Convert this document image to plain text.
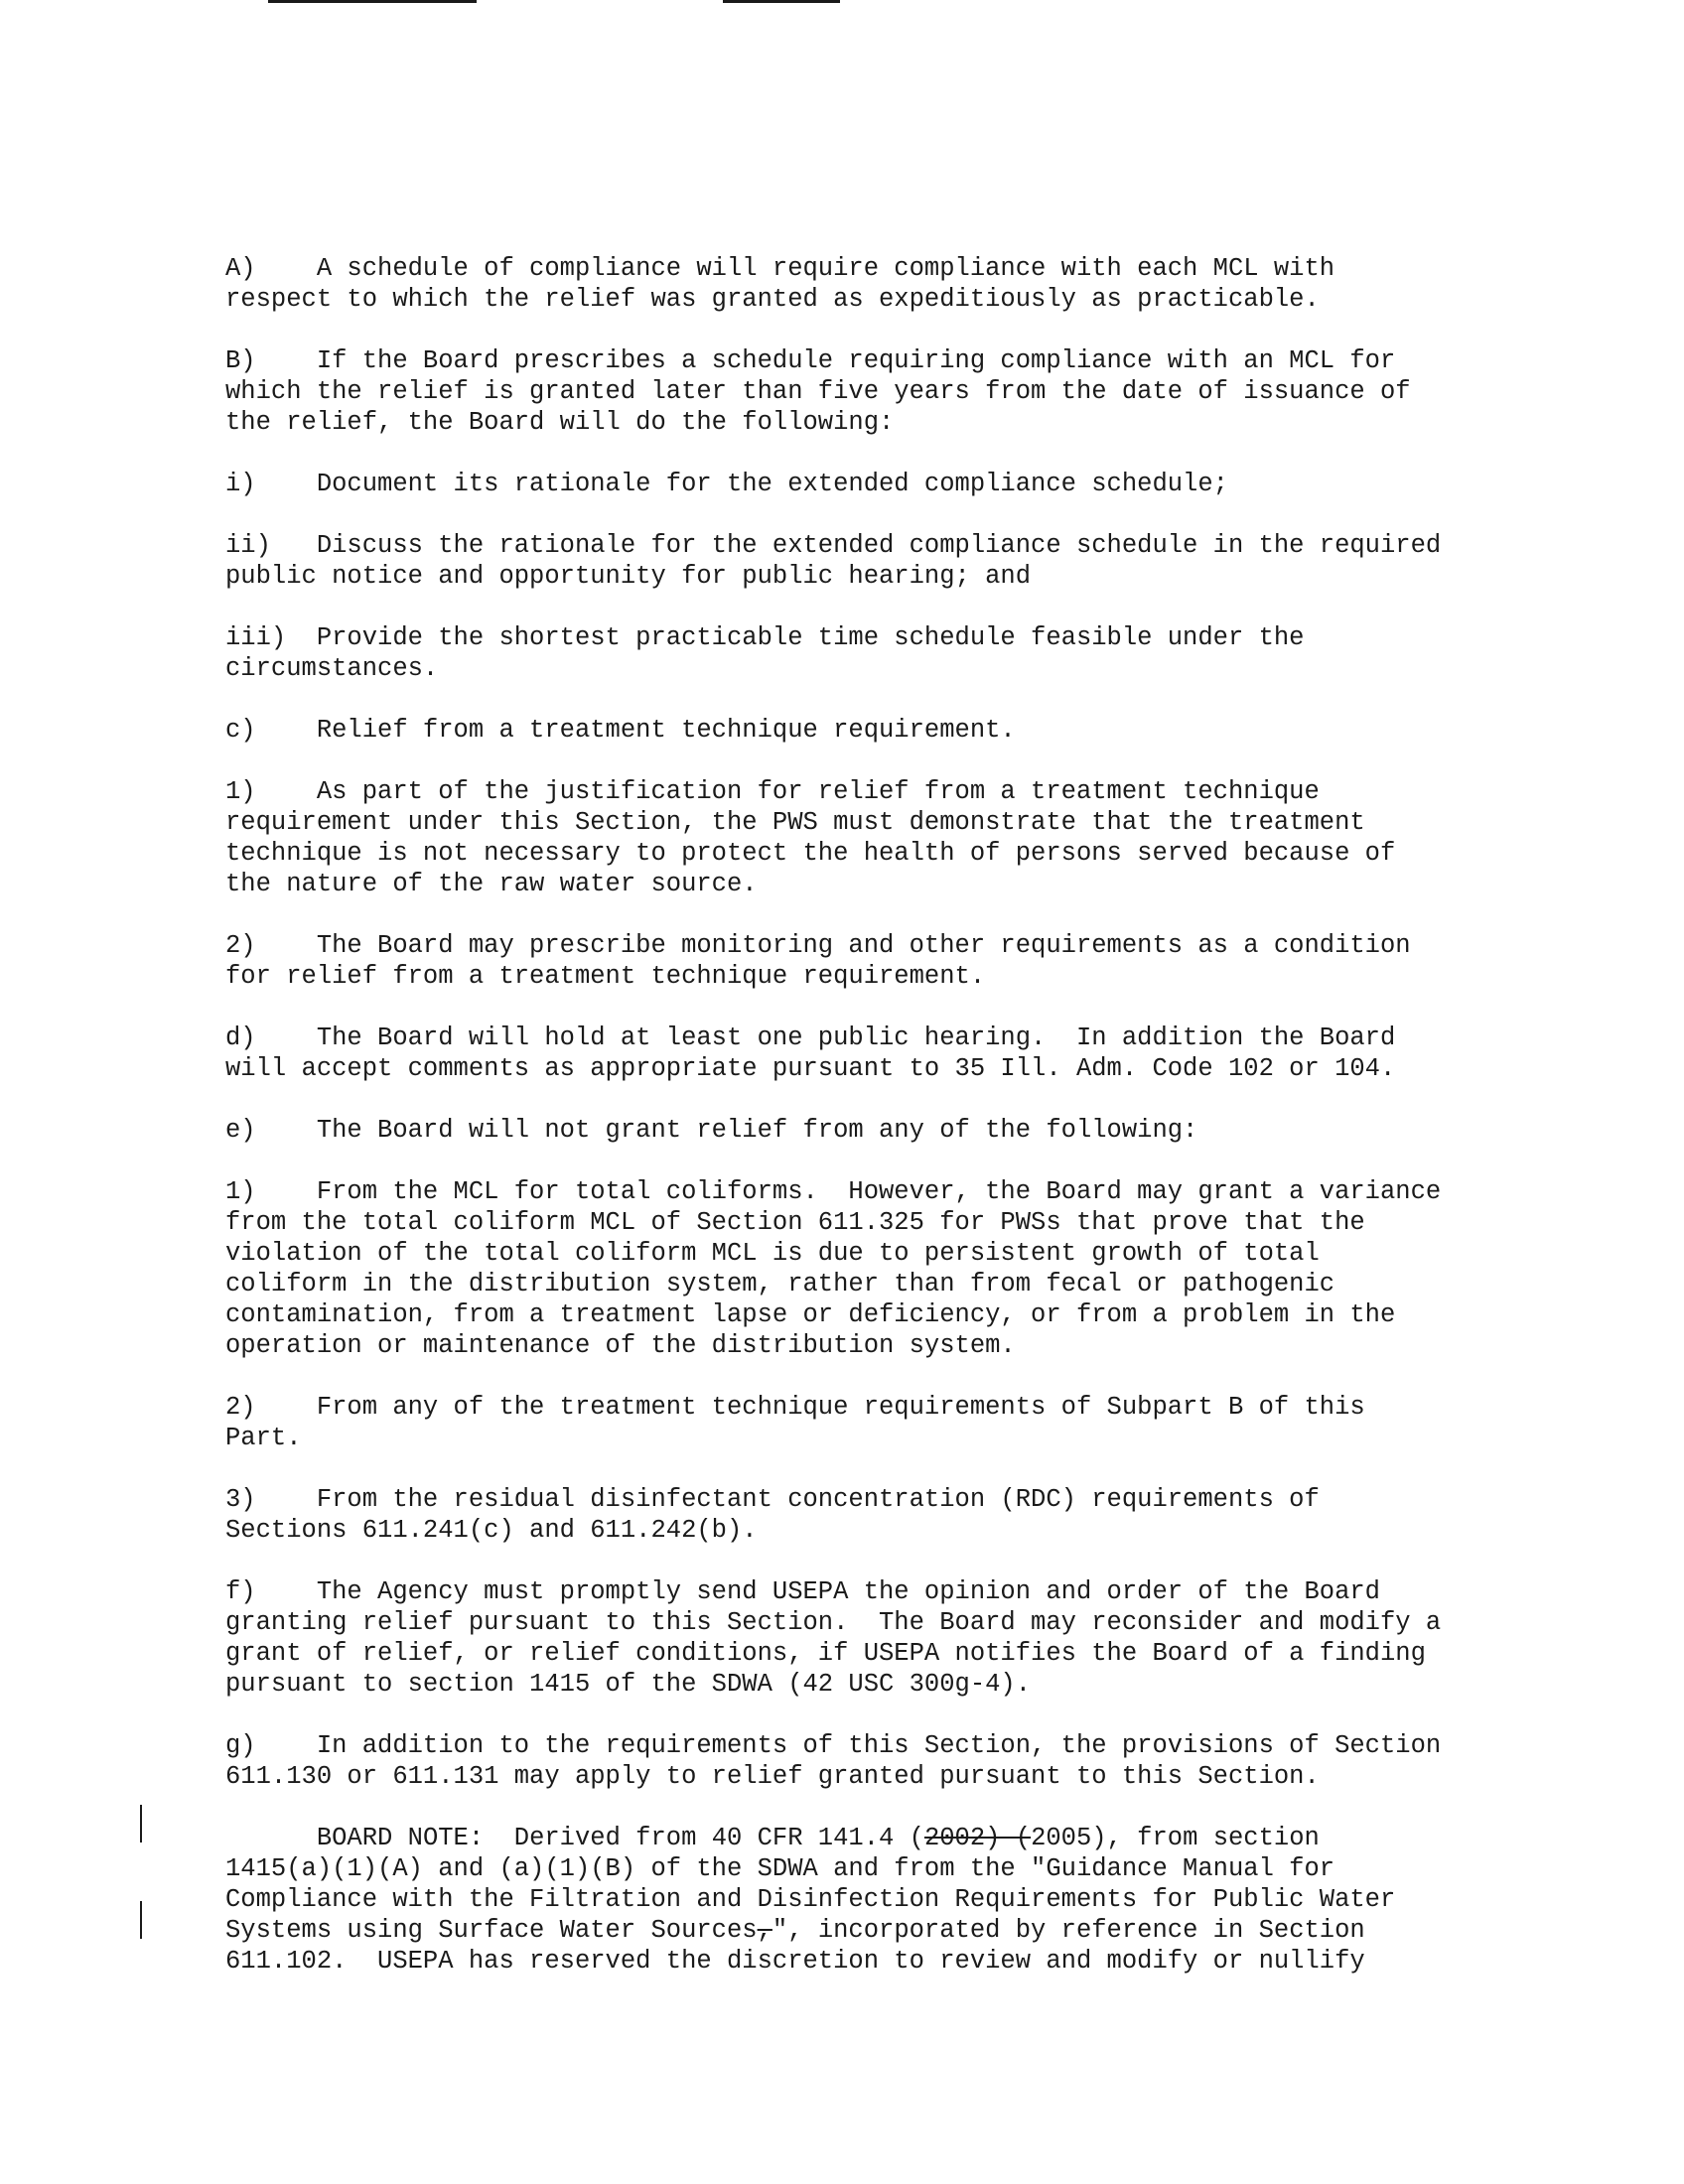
A)    A schedule of compliance will require compliance with each MCL with
respect to which the relief was granted as expeditiously as practicable.

B)    If the Board prescribes a schedule requiring compliance with an MCL for
which the relief is granted later than five years from the date of issuance of
the relief, the Board will do the following:

i)    Document its rationale for the extended compliance schedule;

ii)   Discuss the rationale for the extended compliance schedule in the required
public notice and opportunity for public hearing; and

iii)  Provide the shortest practicable time schedule feasible under the
circumstances.

c)    Relief from a treatment technique requirement.

1)    As part of the justification for relief from a treatment technique
requirement under this Section, the PWS must demonstrate that the treatment
technique is not necessary to protect the health of persons served because of
the nature of the raw water source.

2)    The Board may prescribe monitoring and other requirements as a condition
for relief from a treatment technique requirement.

d)    The Board will hold at least one public hearing.  In addition the Board
will accept comments as appropriate pursuant to 35 Ill. Adm. Code 102 or 104.

e)    The Board will not grant relief from any of the following:

1)    From the MCL for total coliforms.  However, the Board may grant a variance
from the total coliform MCL of Section 611.325 for PWSs that prove that the
violation of the total coliform MCL is due to persistent growth of total
coliform in the distribution system, rather than from fecal or pathogenic
contamination, from a treatment lapse or deficiency, or from a problem in the
operation or maintenance of the distribution system.

2)    From any of the treatment technique requirements of Subpart B of this
Part.

3)    From the residual disinfectant concentration (RDC) requirements of
Sections 611.241(c) and 611.242(b).

f)    The Agency must promptly send USEPA the opinion and order of the Board
granting relief pursuant to this Section.  The Board may reconsider and modify a
grant of relief, or relief conditions, if USEPA notifies the Board of a finding
pursuant to section 1415 of the SDWA (42 USC 300g-4).

g)    In addition to the requirements of this Section, the provisions of Section
611.130 or 611.131 may apply to relief granted pursuant to this Section.

BOARD NOTE:  Derived from 40 CFR 141.4 (2002) (2005), from section
1415(a)(1)(A) and (a)(1)(B) of the SDWA and from the "Guidance Manual for
Compliance with the Filtration and Disinfection Requirements for Public Water
Systems using Surface Water Sources,", incorporated by reference in Section
611.102.  USEPA has reserved the discretion to review and modify or nullify
